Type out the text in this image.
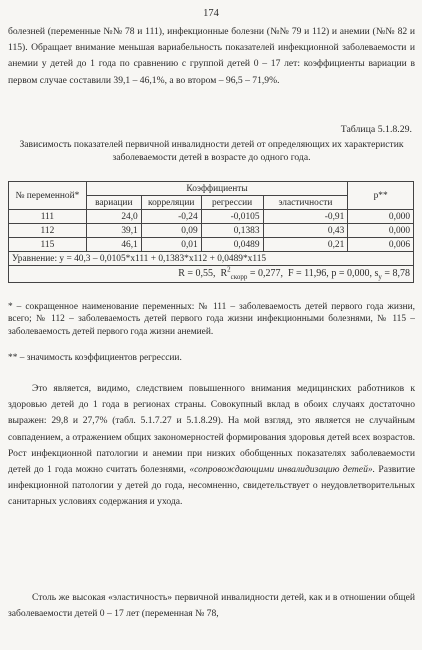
174

болезней (переменные №№ 78 и 111), инфекционные болезни (№№ 79 и 112) и анемии (№№ 82 и 115). Обращает внимание меньшая вариабельность показателей инфекционной заболеваемости и анемии у детей до 1 года по сравнению с группой детей 0 – 17 лет: коэффициенты вариации в первом случае составили 39,1 – 46,1%, а во втором – 96,5 – 71,9%.

Таблица 5.1.8.29.

Зависимость показателей первичной инвалидности детей от определяющих их характеристик заболеваемости детей в возрасте до одного года.

№ переменной*	Коэффициенты				р**
	вариации	корреляции	регрессии	эластичности	
111	24,0	-0,24	-0,0105	-0,91	0,000
112	39,1	0,09	0,1383	0,43	0,000
115	46,1	0,01	0,0489	0,21	0,006
Уравнение: y = 40,3 – 0,0105*x111 + 0,1383*x112 + 0,0489*x115					
R = 0,55, $R^2_{скорр} = 0,277$, F = 11,96, p = 0,000, $s_y = 8,78$					

* – сокращенное наименование переменных: № 111 – заболеваемость детей первого года жизни, всего; № 112 – заболеваемость детей первого года жизни инфекционными болезнями, № 115 – заболеваемость детей первого года жизни анемией.

** – значимость коэффициентов регрессии.

Это является, видимо, следствием повышенного внимания медицинских работников к здоровью детей до 1 года в регионах страны. Совокупный вклад в обоих случаях достаточно выражен: 29,8 и 27,7% (табл. 5.1.7.27 и 5.1.8.29). На мой взгляд, это является не случайным совпадением, а отражением общих закономерностей формирования здоровья детей всех возрастов. Рост инфекционной патологии и анемии при низких обобщенных показателях заболеваемости детей до 1 года можно считать болезнями, «сопровождающими инвалидизацию детей». Развитие инфекционной патологии у детей до года, несомненно, свидетельствует о неудовлетворительных санитарных условиях содержания и ухода.

Столь же высокая «эластичность» первичной инвалидности детей, как и в отношении общей заболеваемости детей 0 – 17 лет (переменная № 78,
